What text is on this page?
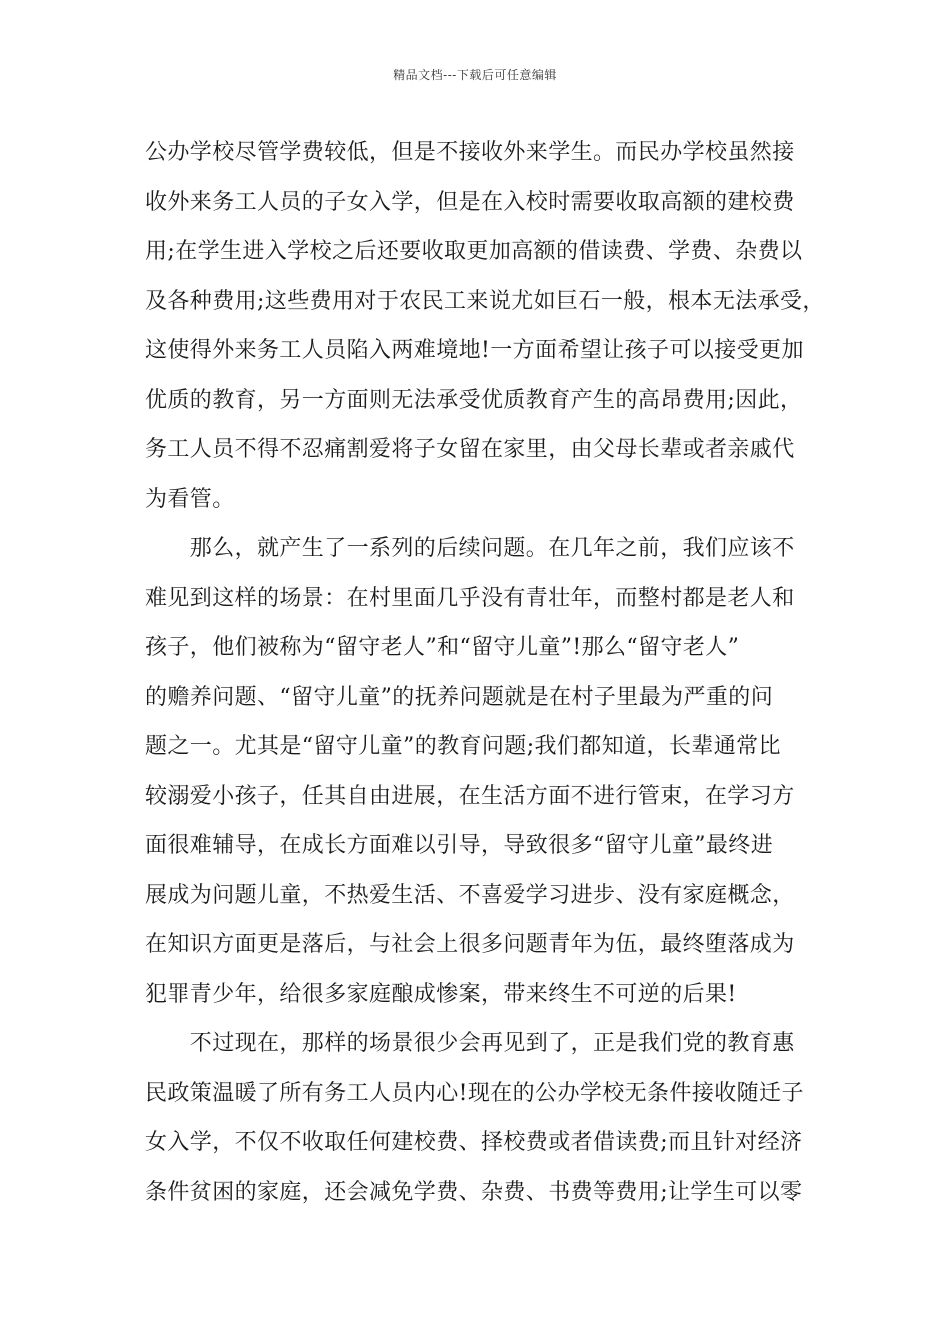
精品文档---下载后可任意编辑
公办学校尽管学费较低，但是不接收外来学生。而民办学校虽然接
收外来务工人员的子女入学，但是在入校时需要收取高额的建校费
用;在学生进入学校之后还要收取更加高额的借读费、学费、杂费以
及各种费用;这些费用对于农民工来说尤如巨石一般，根本无法承受，
这使得外来务工人员陷入两难境地!一方面希望让孩子可以接受更加
优质的教育，另一方面则无法承受优质教育产生的高昂费用;因此，
务工人员不得不忍痛割爱将子女留在家里，由父母长辈或者亲戚代
为看管。
　　那么，就产生了一系列的后续问题。在几年之前，我们应该不
难见到这样的场景：在村里面几乎没有青壮年，而整村都是老人和
孩子，他们被称为“留守老人”和“留守儿童”!那么“留守老人”
的赡养问题、“留守儿童”的抚养问题就是在村子里最为严重的问
题之一。尤其是“留守儿童”的教育问题;我们都知道，长辈通常比
较溺爱小孩子，任其自由进展，在生活方面不进行管束，在学习方
面很难辅导，在成长方面难以引导，导致很多“留守儿童”最终进
展成为问题儿童，不热爱生活、不喜爱学习进步、没有家庭概念，
在知识方面更是落后，与社会上很多问题青年为伍，最终堕落成为
犯罪青少年，给很多家庭酿成惨案，带来终生不可逆的后果!
　　不过现在，那样的场景很少会再见到了，正是我们党的教育惠
民政策温暖了所有务工人员内心!现在的公办学校无条件接收随迁子
女入学，不仅不收取任何建校费、择校费或者借读费;而且针对经济
条件贫困的家庭，还会减免学费、杂费、书费等费用;让学生可以零
